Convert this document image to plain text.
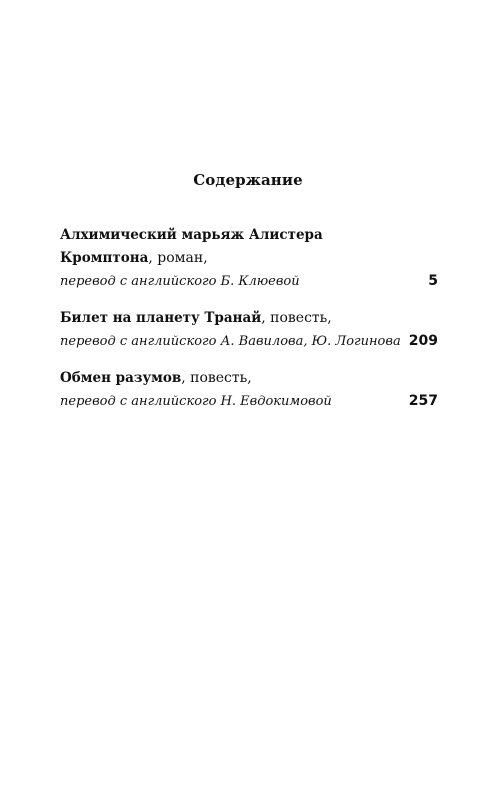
Содержание
Алхимический марьяж Алистера
Кромптона, роман,
перевод с английского Б. Клюевой	5
Билет на планету Транай, повесть,
перевод с английского А. Вавилова, Ю. Логинова 209
Обмен разумов, повесть,
перевод с английского Н. Евдокимовой	257
